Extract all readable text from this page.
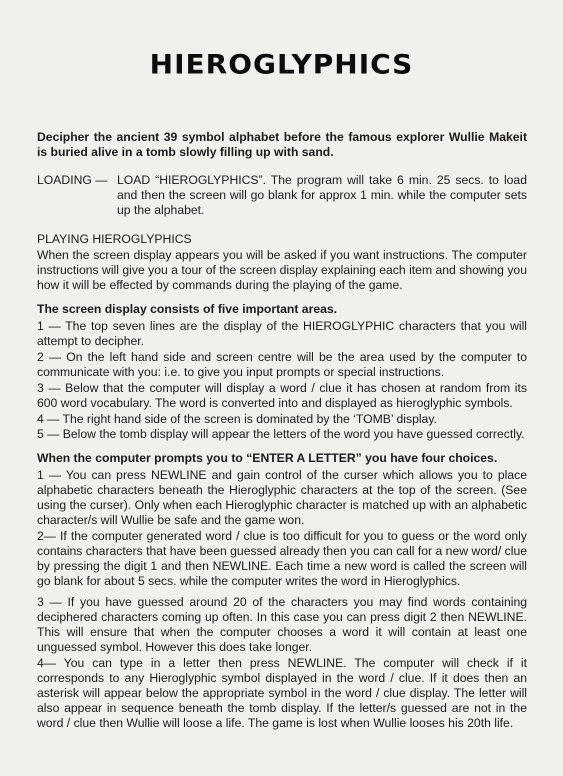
HIEROGLYPHICS

Decipher the ancient 39 symbol alphabet before the famous explorer Wullie Makeit is buried alive in a tomb slowly filling up with sand.

LOADING — LOAD “HIEROGLYPHICS”. The program will take 6 min. 25 secs. to load and then the screen will go blank for approx 1 min. while the computer sets up the alphabet.

PLAYING HIEROGLYPHICS

When the screen display appears you will be asked if you want instructions. The computer instructions will give you a tour of the screen display explaining each item and showing you how it will be effected by commands during the playing of the game.

The screen display consists of five important areas.

1 — The top seven lines are the display of the HIEROGLYPHIC characters that you will attempt to decipher.

2 — On the left hand side and screen centre will be the area used by the computer to communicate with you: i.e. to give you input prompts or special instructions.

3 — Below that the computer will display a word / clue it has chosen at random from its 600 word vocabulary. The word is converted into and displayed as hieroglyphic symbols.

4 — The right hand side of the screen is dominated by the ‘TOMB’ display.

5 — Below the tomb display will appear the letters of the word you have guessed correctly.

When the computer prompts you to “ENTER A LETTER” you have four choices.

1 — You can press NEWLINE and gain control of the curser which allows you to place alphabetic characters beneath the Hieroglyphic characters at the top of the screen. (See using the curser). Only when each Hieroglyphic character is matched up with an alphabetic character/s will Wullie be safe and the game won.

2— If the computer generated word / clue is too difficult for you to guess or the word only contains characters that have been guessed already then you can call for a new word/ clue by pressing the digit 1 and then NEWLINE. Each time a new word is called the screen will go blank for about 5 secs. while the computer writes the word in Hieroglyphics.

3 — If you have guessed around 20 of the characters you may find words containing deciphered characters coming up often. In this case you can press digit 2 then NEWLINE. This will ensure that when the computer chooses a word it will contain at least one unguessed symbol. However this does take longer.

4— You can type in a letter then press NEWLINE. The computer will check if it corresponds to any Hieroglyphic symbol displayed in the word / clue. If it does then an asterisk will appear below the appropriate symbol in the word / clue display. The letter will also appear in sequence beneath the tomb display. If the letter/s guessed are not in the word / clue then Wullie will loose a life. The game is lost when Wullie looses his 20th life.
